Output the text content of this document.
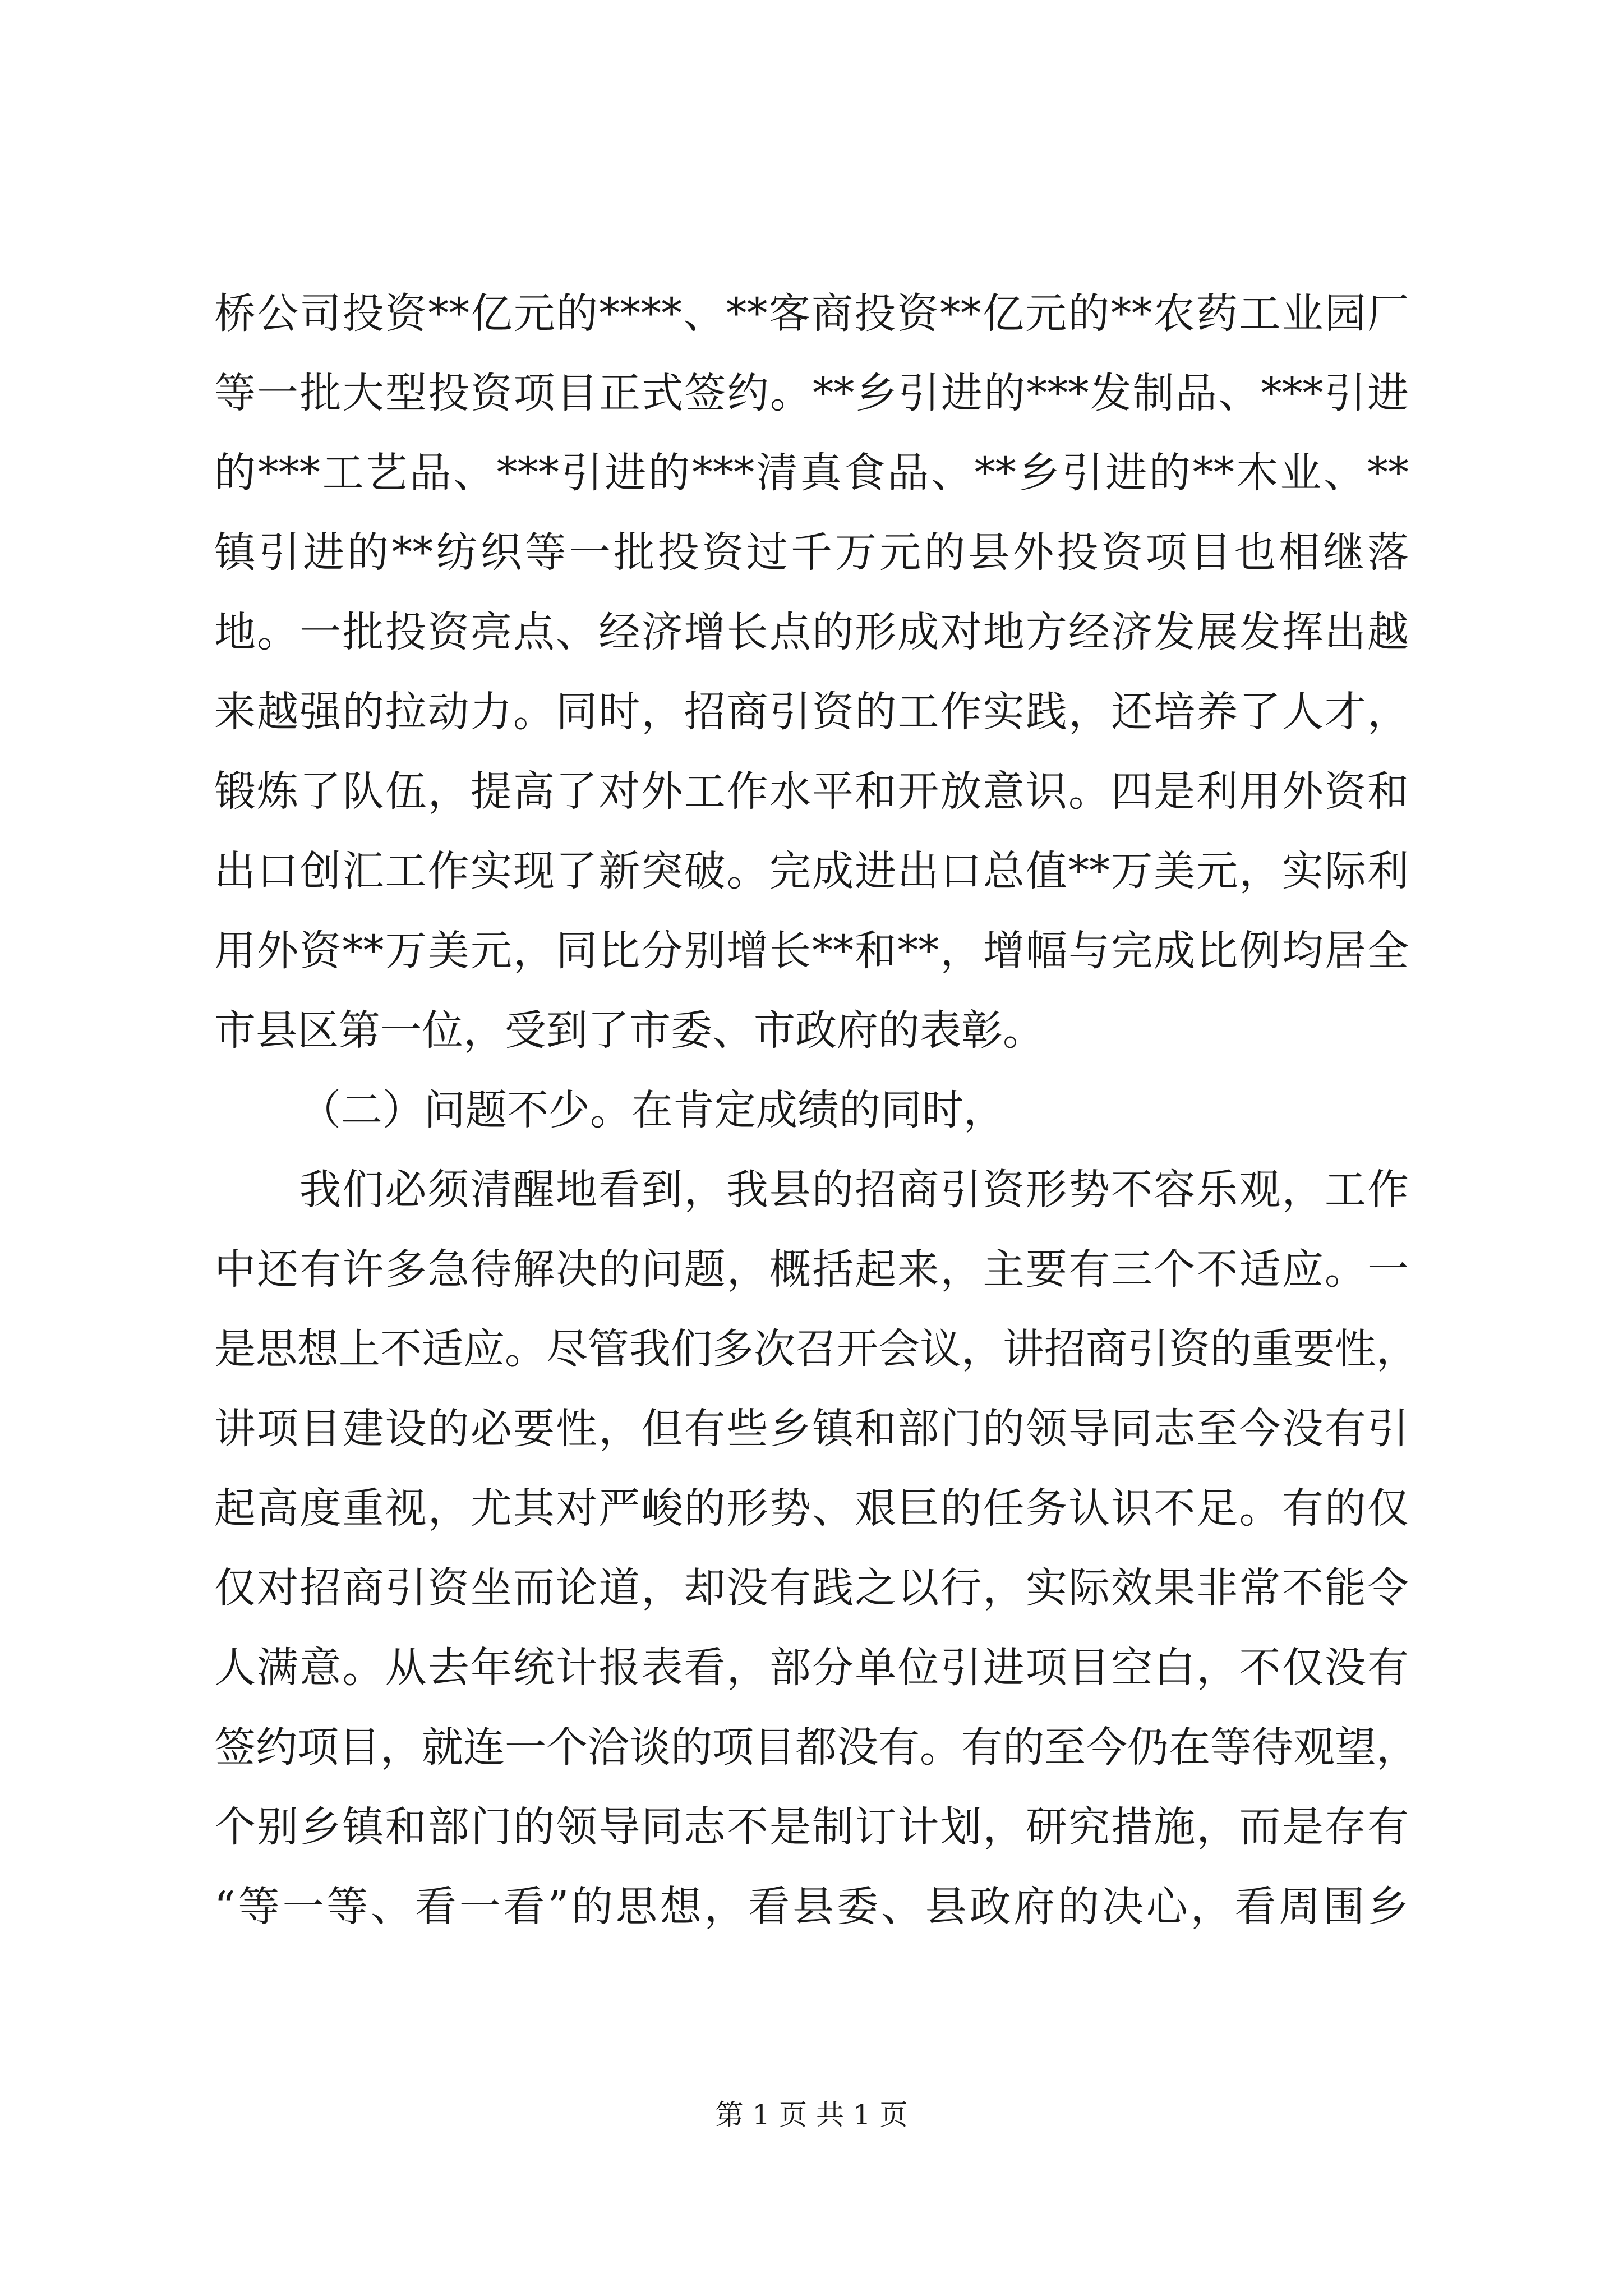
桥公司投资**亿元的****、**客商投资**亿元的**农药工业园厂
等一批大型投资项目正式签约。**乡引进的***发制品、***引进
的***工艺品、***引进的***清真食品、**乡引进的**木业、**
镇引进的**纺织等一批投资过千万元的县外投资项目也相继落
地。一批投资亮点、经济增长点的形成对地方经济发展发挥出越
来越强的拉动力。同时，招商引资的工作实践，还培养了人才，
锻炼了队伍，提高了对外工作水平和开放意识。四是利用外资和
出口创汇工作实现了新突破。完成进出口总值**万美元，实际利
用外资**万美元，同比分别增长**和**，增幅与完成比例均居全
市县区第一位，受到了市委、市政府的表彰。
（二）问题不少。在肯定成绩的同时，
我们必须清醒地看到，我县的招商引资形势不容乐观，工作
中还有许多急待解决的问题，概括起来，主要有三个不适应。一
是思想上不适应。尽管我们多次召开会议，讲招商引资的重要性，
讲项目建设的必要性，但有些乡镇和部门的领导同志至今没有引
起高度重视，尤其对严峻的形势、艰巨的任务认识不足。有的仅
仅对招商引资坐而论道，却没有践之以行，实际效果非常不能令
人满意。从去年统计报表看，部分单位引进项目空白，不仅没有
签约项目，就连一个洽谈的项目都没有。有的至今仍在等待观望，
个别乡镇和部门的领导同志不是制订计划，研究措施，而是存有
“等一等、看一看”的思想，看县委、县政府的决心，看周围乡
第 1 页 共 1 页
